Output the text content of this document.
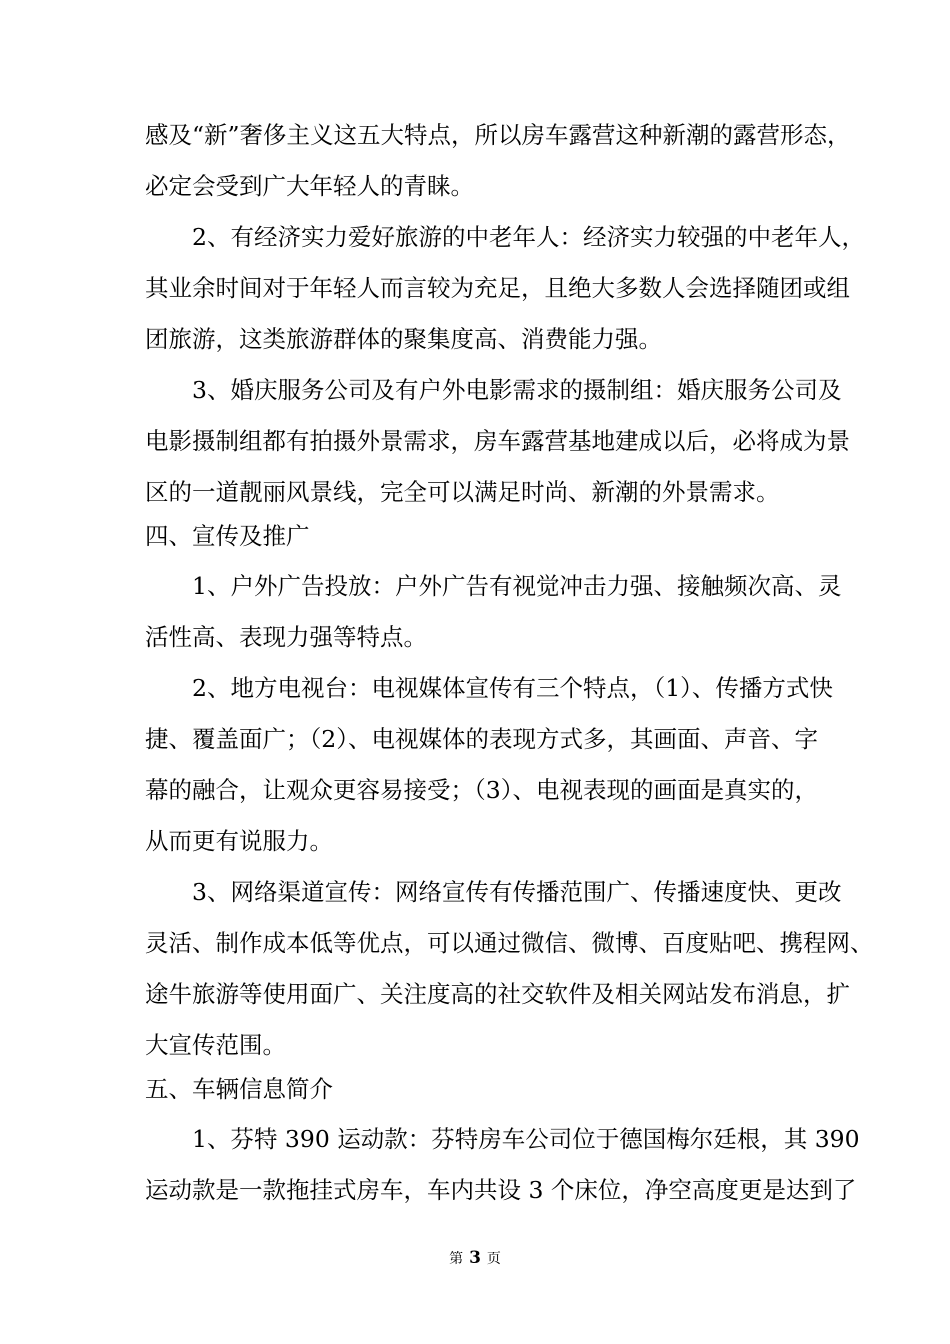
感及“新”奢侈主义这五大特点，所以房车露营这种新潮的露营形态，
必定会受到广大年轻人的青睐。
2、有经济实力爱好旅游的中老年人：经济实力较强的中老年人，
其业余时间对于年轻人而言较为充足，且绝大多数人会选择随团或组
团旅游，这类旅游群体的聚集度高、消费能力强。
3、婚庆服务公司及有户外电影需求的摄制组：婚庆服务公司及
电影摄制组都有拍摄外景需求，房车露营基地建成以后，必将成为景
区的一道靓丽风景线，完全可以满足时尚、新潮的外景需求。
四、宣传及推广
1、户外广告投放：户外广告有视觉冲击力强、接触频次高、灵
活性高、表现力强等特点。
2、地方电视台：电视媒体宣传有三个特点，（1）、传播方式快
捷、覆盖面广；（2）、电视媒体的表现方式多，其画面、声音、字
幕的融合，让观众更容易接受；（3）、电视表现的画面是真实的，
从而更有说服力。
3、网络渠道宣传：网络宣传有传播范围广、传播速度快、更改
灵活、制作成本低等优点，可以通过微信、微博、百度贴吧、携程网、
途牛旅游等使用面广、关注度高的社交软件及相关网站发布消息，扩
大宣传范围。
五、车辆信息简介
1、芬特 390 运动款：芬特房车公司位于德国梅尔廷根，其 390
运动款是一款拖挂式房车，车内共设 3 个床位，净空高度更是达到了
第 3 页
